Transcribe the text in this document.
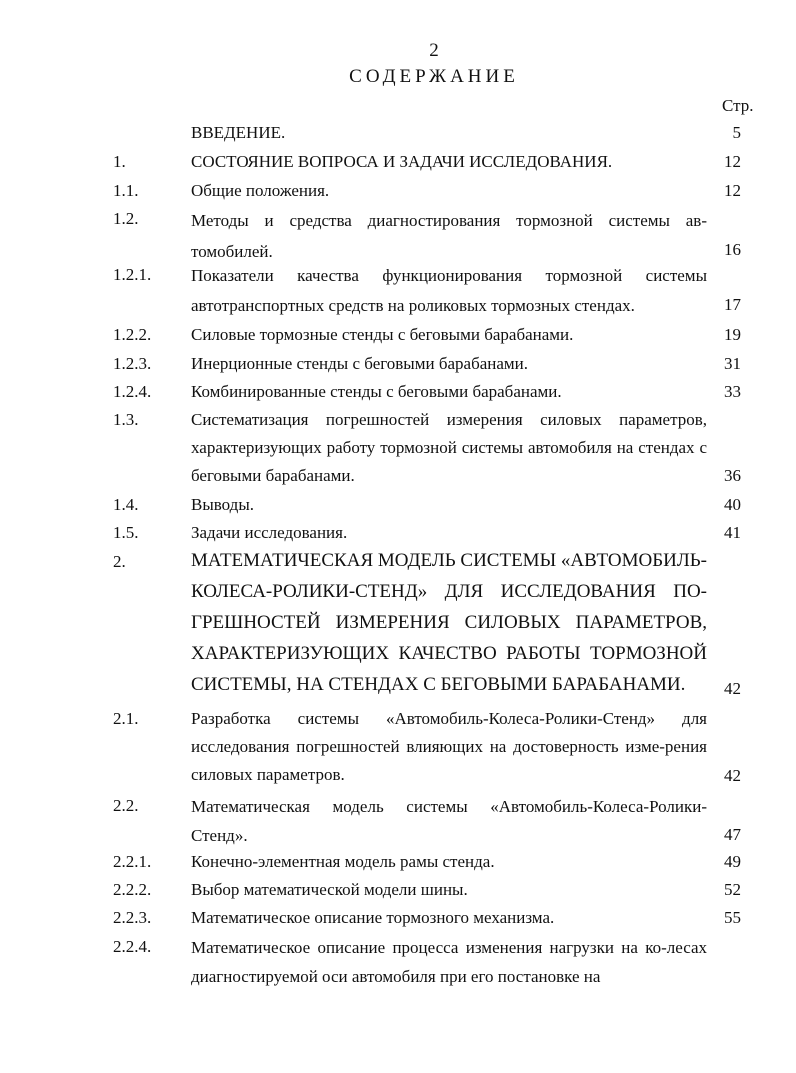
2
СОДЕРЖАНИЕ
Стр.
ВВЕДЕНИЕ.	5
1.	СОСТОЯНИЕ ВОПРОСА И ЗАДАЧИ ИССЛЕДОВАНИЯ.	12
1.1.	Общие положения.	12
1.2.	Методы и средства диагностирования тормозной системы ав-томобилей.	16
1.2.1. Показатели качества функционирования тормозной системы автотранспортных средств на роликовых тормозных стендах.	17
1.2.2. Силовые тормозные стенды с беговыми барабанами.	19
1.2.3. Инерционные стенды с беговыми барабанами.	31
1.2.4. Комбинированные стенды с беговыми барабанами.	33
1.3.	Систематизация погрешностей измерения силовых параметров, характеризующих работу тормозной системы автомобиля на стендах с беговыми барабанами.	36
1.4.	Выводы.	40
1.5.	Задачи исследования.	41
2.	МАТЕМАТИЧЕСКАЯ МОДЕЛЬ СИСТЕМЫ «АВТОМОБИЛЬ-КОЛЕСА-РОЛИКИ-СТЕНД» ДЛЯ ИССЛЕДОВАНИЯ ПО-ГРЕШНОСТЕЙ ИЗМЕРЕНИЯ СИЛОВЫХ ПАРАМЕТРОВ, ХАРАКТЕРИЗУЮЩИХ КАЧЕСТВО РАБОТЫ ТОРМОЗНОЙ СИСТЕМЫ, НА СТЕНДАХ С БЕГОВЫМИ БАРАБАНАМИ.	42
2.1.	Разработка системы «Автомобиль-Колеса-Ролики-Стенд» для исследования погрешностей влияющих на достоверность изме-рения силовых параметров.	42
2.2.	Математическая модель системы «Автомобиль-Колеса-Ролики-Стенд».	47
2.2.1. Конечно-элементная модель рамы стенда.	49
2.2.2. Выбор математической модели шины.	52
2.2.3. Математическое описание тормозного механизма.	55
2.2.4. Математическое описание процесса изменения нагрузки на ко-лесах диагностируемой оси автомобиля при его постановке на
